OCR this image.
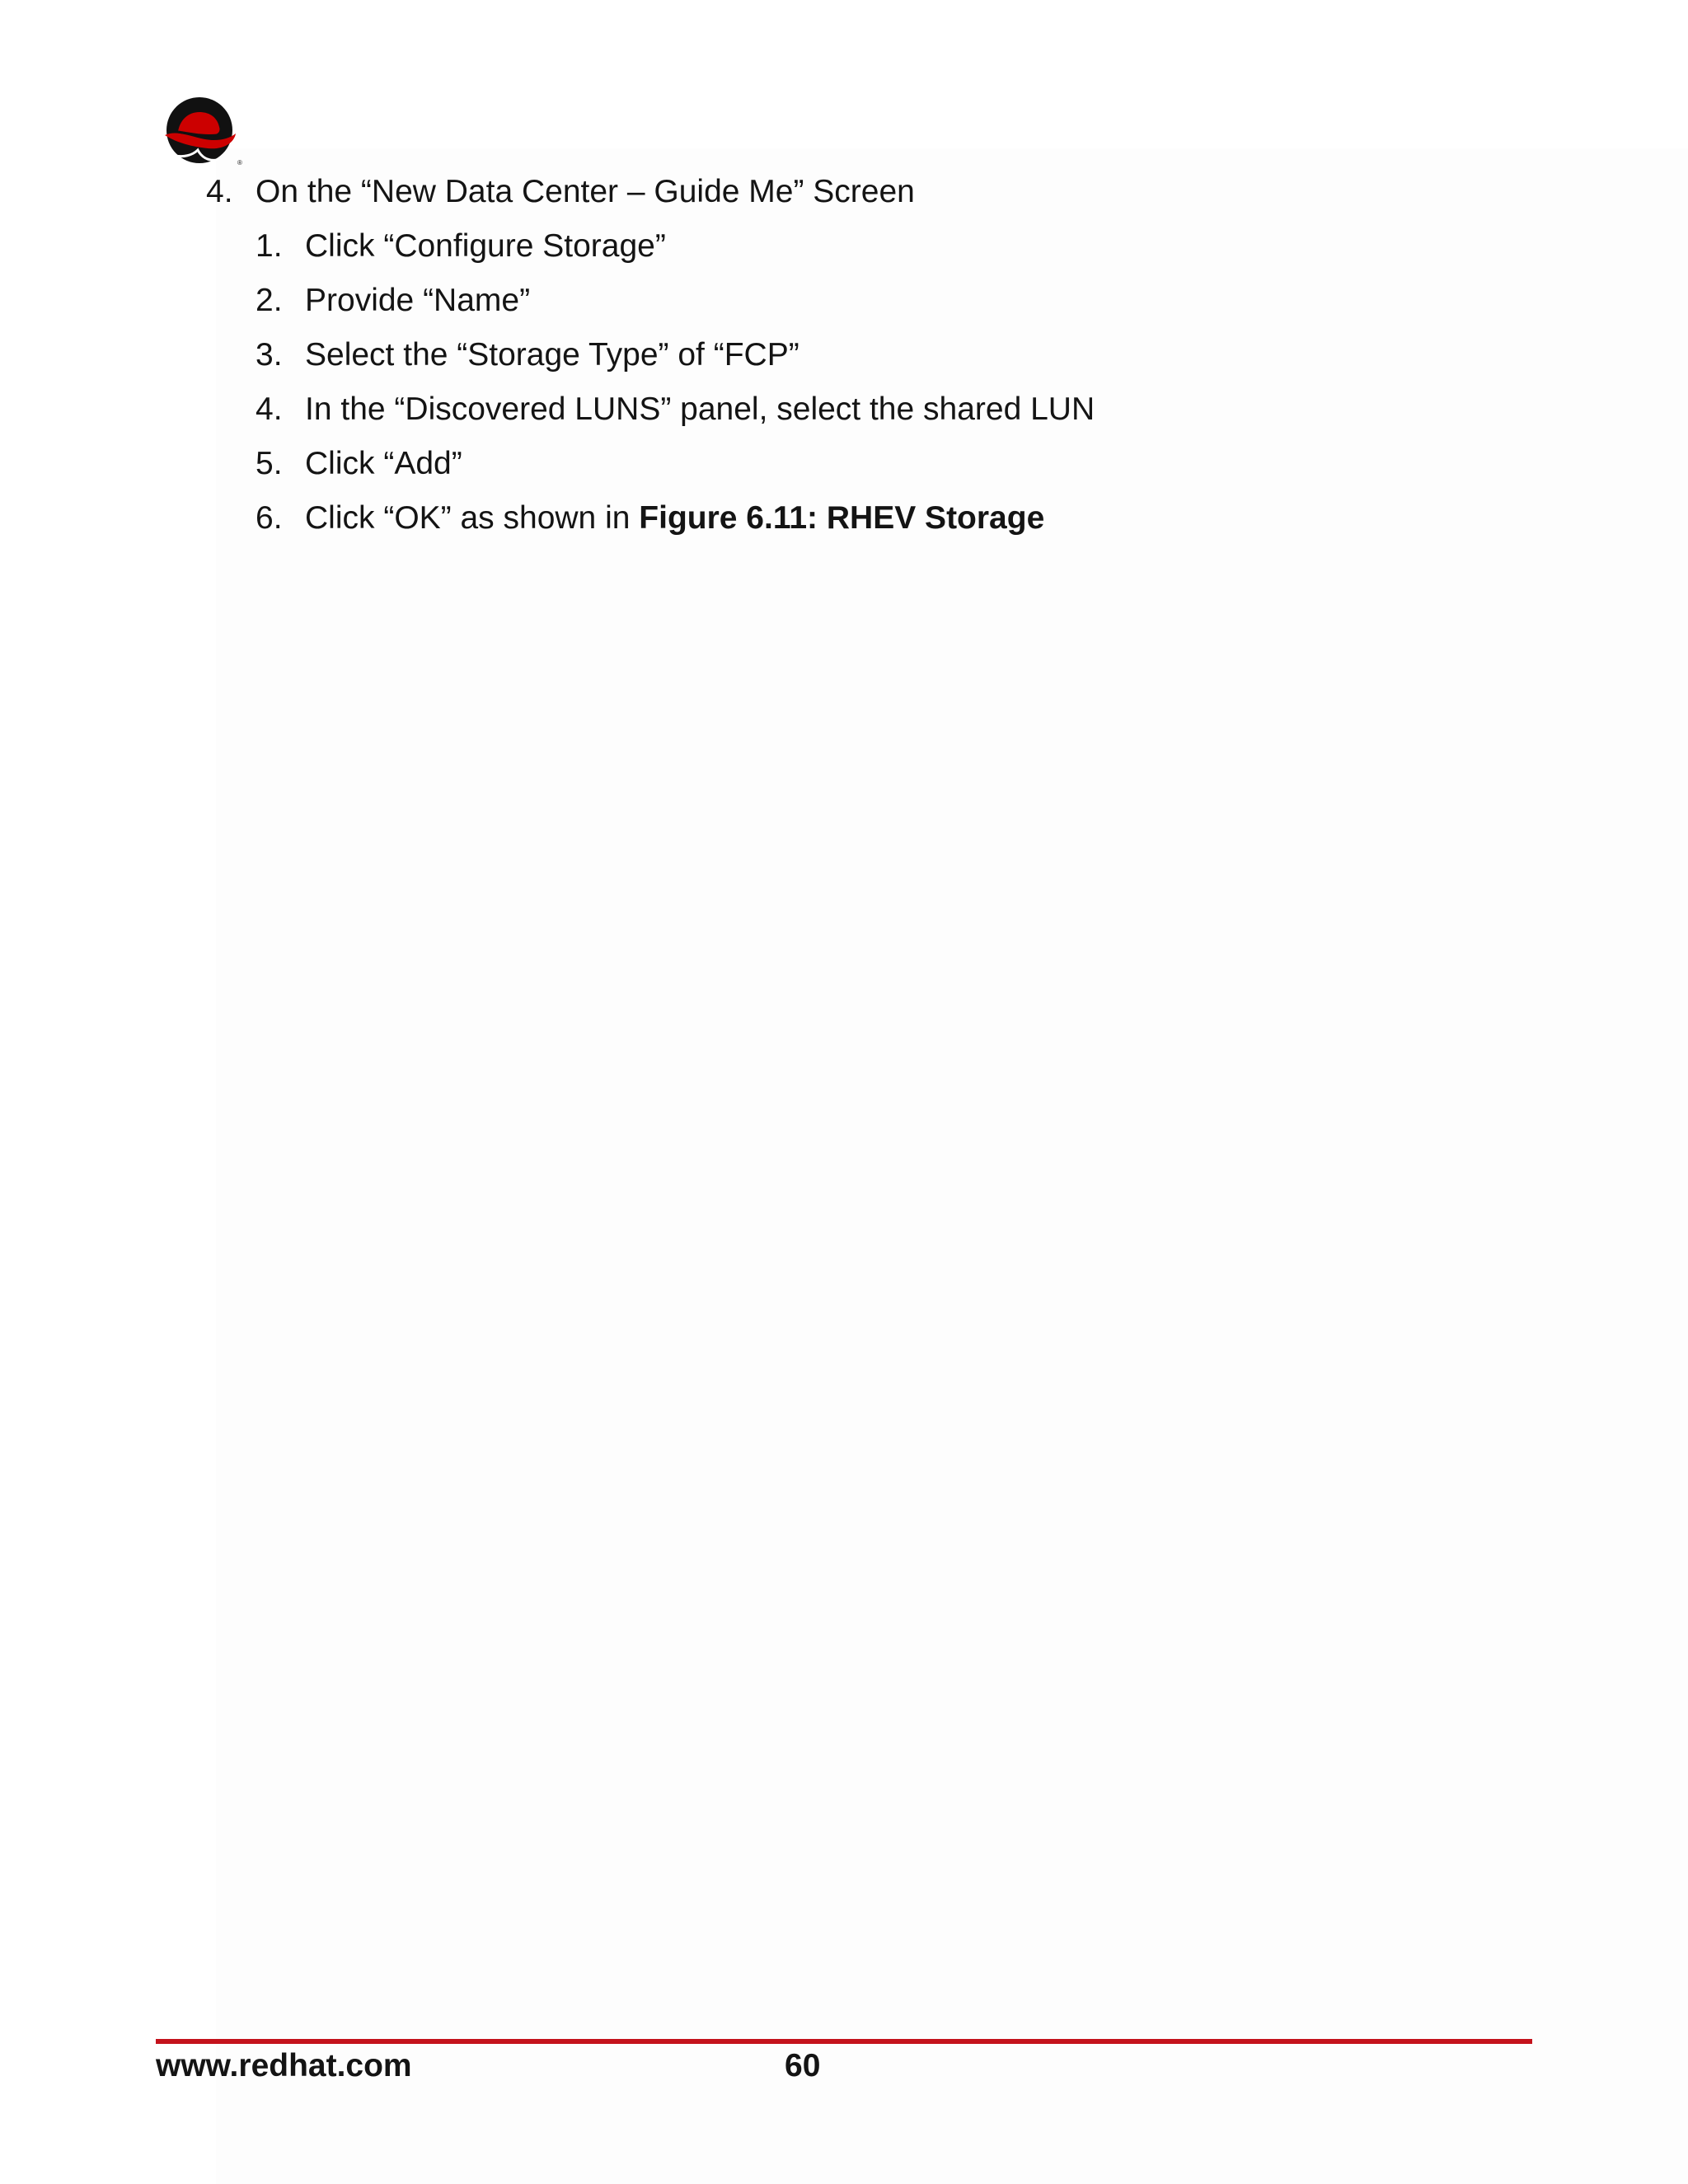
®
4. On the “New Data Center – Guide Me” Screen
1. Click “Configure Storage”
2. Provide “Name”
3. Select the “Storage Type” of “FCP”
4. In the “Discovered LUNS” panel, select the shared LUN
5. Click “Add”
6. Click “OK” as shown in Figure 6.11: RHEV Storage
www.redhat.com	60
